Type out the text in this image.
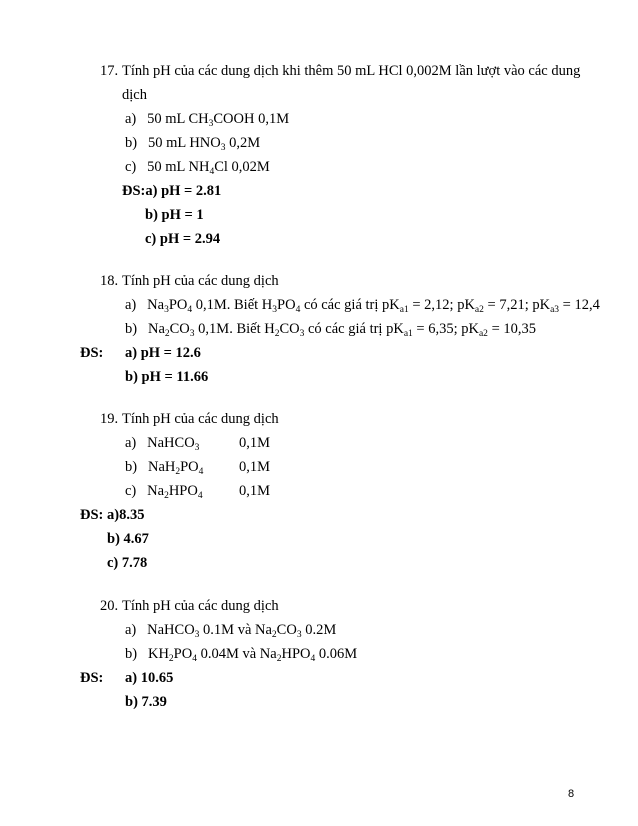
17. Tính pH của các dung dịch khi thêm 50 mL HCl 0,002M lần lượt vào các dung
dịch
a) 50 mL $CH_3COOH$ 0,1M
b) 50 mL $HNO_3$ 0,2M
c) 50 mL $NH_4Cl$ 0,02M
ĐS:a) pH = 2.81
b) pH = 1
c) pH = 2.94
18. Tính pH của các dung dịch
a) $Na_3PO_4$ 0,1M. Biết $H_3PO_4$ có các giá trị $pK_{a1} = 2,12$; $pK_{a2} = 7,21$; $pK_{a3} = 12,4$
b) $Na_2CO_3$ 0,1M. Biết $H_2CO_3$ có các giá trị $pK_{a1} = 6,35$; $pK_{a2} = 10,35$
ĐS: a) pH = 12.6
b) pH = 11.66
19. Tính pH của các dung dịch
a) NaHCO$_3$	0,1M
b) $NaH_2PO_4$ 0,1M
c) $Na_2HPO_4$	0,1M
ĐS: a)8.35
b) 4.67
c) 7.78
20. Tính pH của các dung dịch
a) NaHCO$_3$ 0.1M và $Na_2CO_3$ 0.2M
b) $KH_2PO_4$ 0.04M và $Na_2HPO_4$ 0.06M
ĐS: a) 10.65
b) 7.39
8
